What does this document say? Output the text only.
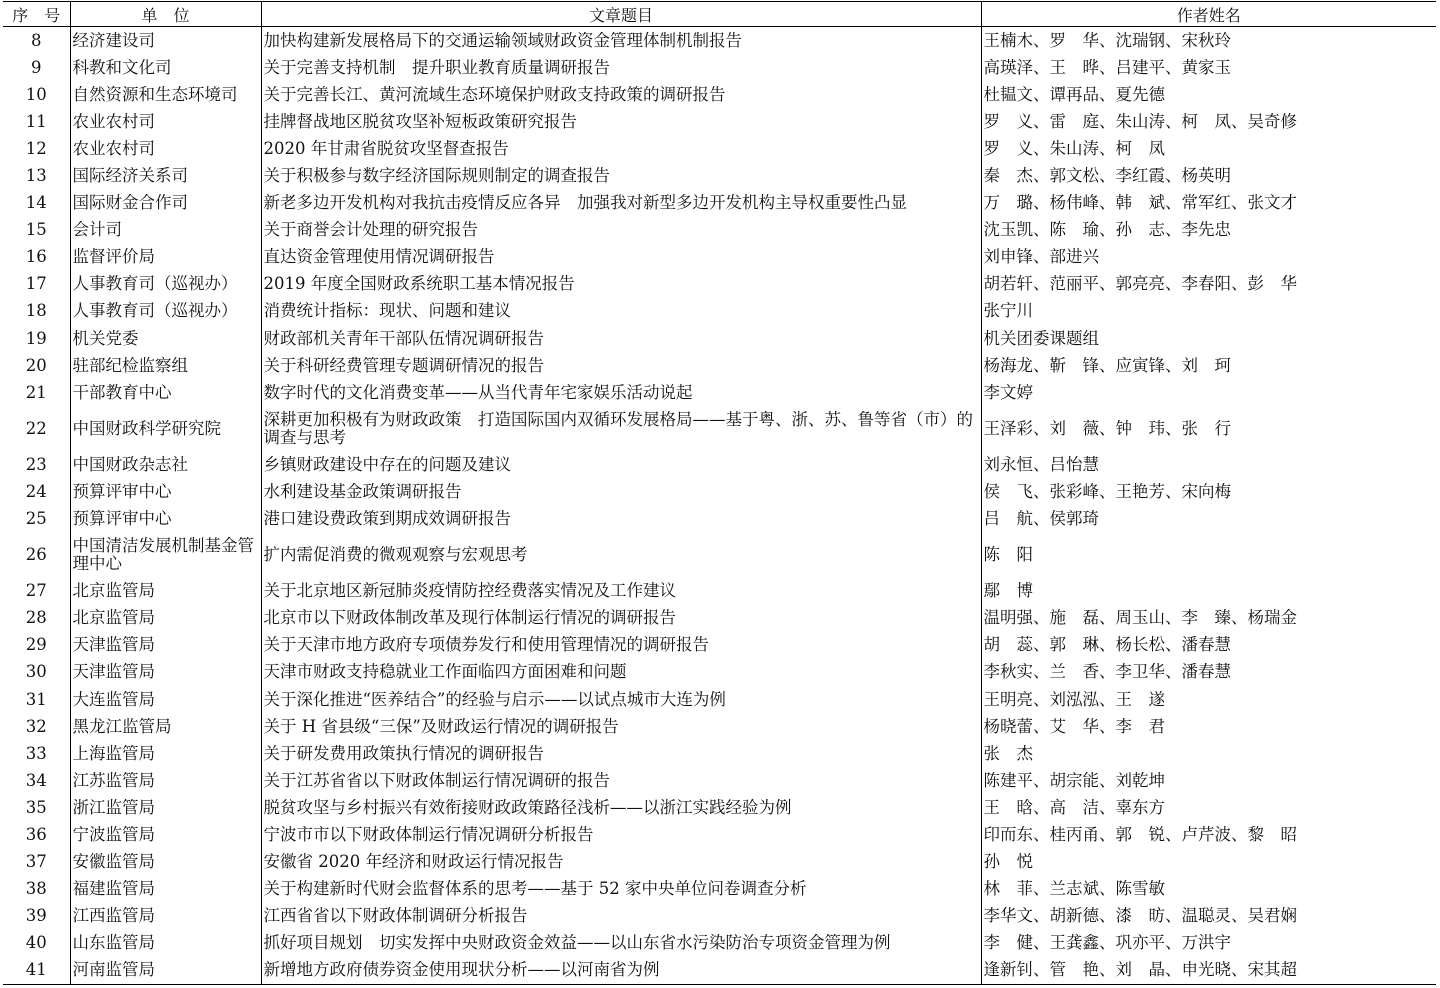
序　号	单　位	文章题目	作者姓名
8	经济建设司	加快构建新发展格局下的交通运输领域财政资金管理体制机制报告	王楠木、罗　华、沈瑞钢、宋秋玲
9	科教和文化司	关于完善支持机制　提升职业教育质量调研报告	高瑛泽、王　晔、吕建平、黄家玉
10	自然资源和生态环境司	关于完善长江、黄河流域生态环境保护财政支持政策的调研报告	杜韫文、谭再品、夏先德
11	农业农村司	挂牌督战地区脱贫攻坚补短板政策研究报告	罗　义、雷　庭、朱山涛、柯　凤、吴奇修
12	农业农村司	2020 年甘肃省脱贫攻坚督查报告	罗　义、朱山涛、柯　凤
13	国际经济关系司	关于积极参与数字经济国际规则制定的调查报告	秦　杰、郭文松、李红霞、杨英明
14	国际财金合作司	新老多边开发机构对我抗击疫情反应各异　加强我对新型多边开发机构主导权重要性凸显	万　璐、杨伟峰、韩　斌、常军红、张文才
15	会计司	关于商誉会计处理的研究报告	沈玉凯、陈　瑜、孙　志、李先忠
16	监督评价局	直达资金管理使用情况调研报告	刘申锋、部进兴
17	人事教育司（巡视办）	2019 年度全国财政系统职工基本情况报告	胡若轩、范丽平、郭亮亮、李春阳、彭　华
18	人事教育司（巡视办）	消费统计指标：现状、问题和建议	张宁川
19	机关党委	财政部机关青年干部队伍情况调研报告	机关团委课题组
20	驻部纪检监察组	关于科研经费管理专题调研情况的报告	杨海龙、靳　锋、应寅锋、刘　珂
21	干部教育中心	数字时代的文化消费变革——从当代青年宅家娱乐活动说起	李文婷
22	中国财政科学研究院	深耕更加积极有为财政政策　打造国际国内双循环发展格局——基于粤、浙、苏、鲁等省（市）的调查与思考	王泽彩、刘　薇、钟　玮、张　行
23	中国财政杂志社	乡镇财政建设中存在的问题及建议	刘永恒、吕怡慧
24	预算评审中心	水利建设基金政策调研报告	侯　飞、张彩峰、王艳芳、宋向梅
25	预算评审中心	港口建设费政策到期成效调研报告	吕　航、侯郭琦
26	中国清洁发展机制基金管理中心	扩内需促消费的微观观察与宏观思考	陈　阳
27	北京监管局	关于北京地区新冠肺炎疫情防控经费落实情况及工作建议	鄢　博
28	北京监管局	北京市以下财政体制改革及现行体制运行情况的调研报告	温明强、施　磊、周玉山、李　臻、杨瑞金
29	天津监管局	关于天津市地方政府专项债券发行和使用管理情况的调研报告	胡　蕊、郭　琳、杨长松、潘春慧
30	天津监管局	天津市财政支持稳就业工作面临四方面困难和问题	李秋实、兰　香、李卫华、潘春慧
31	大连监管局	关于深化推进“医养结合”的经验与启示——以试点城市大连为例	王明亮、刘泓泓、王　遂
32	黑龙江监管局	关于 H 省县级“三保”及财政运行情况的调研报告	杨晓蕾、艾　华、李　君
33	上海监管局	关于研发费用政策执行情况的调研报告	张　杰
34	江苏监管局	关于江苏省省以下财政体制运行情况调研的报告	陈建平、胡宗能、刘乾坤
35	浙江监管局	脱贫攻坚与乡村振兴有效衔接财政政策路径浅析——以浙江实践经验为例	王　晗、高　洁、辜东方
36	宁波监管局	宁波市市以下财政体制运行情况调研分析报告	印而东、桂丙甬、郭　锐、卢芹波、黎　昭
37	安徽监管局	安徽省 2020 年经济和财政运行情况报告	孙　悦
38	福建监管局	关于构建新时代财会监督体系的思考——基于 52 家中央单位问卷调查分析	林　菲、兰志斌、陈雪敏
39	江西监管局	江西省省以下财政体制调研分析报告	李华文、胡新德、漆　昉、温聪灵、吴君娴
40	山东监管局	抓好项目规划　切实发挥中央财政资金效益——以山东省水污染防治专项资金管理为例	李　健、王龚鑫、巩亦平、万洪宇
41	河南监管局	新增地方政府债券资金使用现状分析——以河南省为例	逢新钊、管　艳、刘　晶、申光晓、宋其超
